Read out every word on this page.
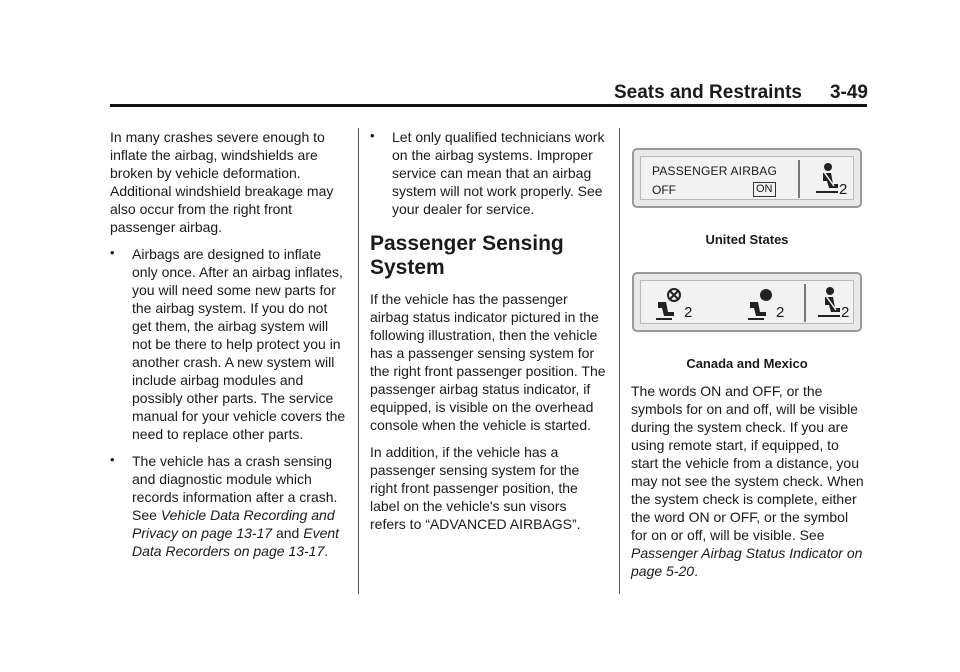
Seats and Restraints 3-49

In many crashes severe enough to inflate the airbag, windshields are broken by vehicle deformation. Additional windshield breakage may also occur from the right front passenger airbag.

• Airbags are designed to inflate only once. After an airbag inflates, you will need some new parts for the airbag system. If you do not get them, the airbag system will not be there to help protect you in another crash. A new system will include airbag modules and possibly other parts. The service manual for your vehicle covers the need to replace other parts.
• The vehicle has a crash sensing and diagnostic module which records information after a crash. See Vehicle Data Recording and Privacy on page 13-17 and Event Data Recorders on page 13-17.
• Let only qualified technicians work on the airbag systems. Improper service can mean that an airbag system will not work properly. See your dealer for service.
Passenger Sensing System

If the vehicle has the passenger airbag status indicator pictured in the following illustration, then the vehicle has a passenger sensing system for the right front passenger position. The passenger airbag status indicator, if equipped, is visible on the overhead console when the vehicle is started.

In addition, if the vehicle has a passenger sensing system for the right front passenger position, the label on the vehicle's sun visors refers to “ADVANCED AIRBAGS”.

PASSENGER AIRBAG
OFF	ON	2
United States
2	2	2
Canada and Mexico

The words ON and OFF, or the symbols for on and off, will be visible during the system check. If you are using remote start, if equipped, to start the vehicle from a distance, you may not see the system check. When the system check is complete, either the word ON or OFF, or the symbol for on or off, will be visible. See Passenger Airbag Status Indicator on page 5-20.
